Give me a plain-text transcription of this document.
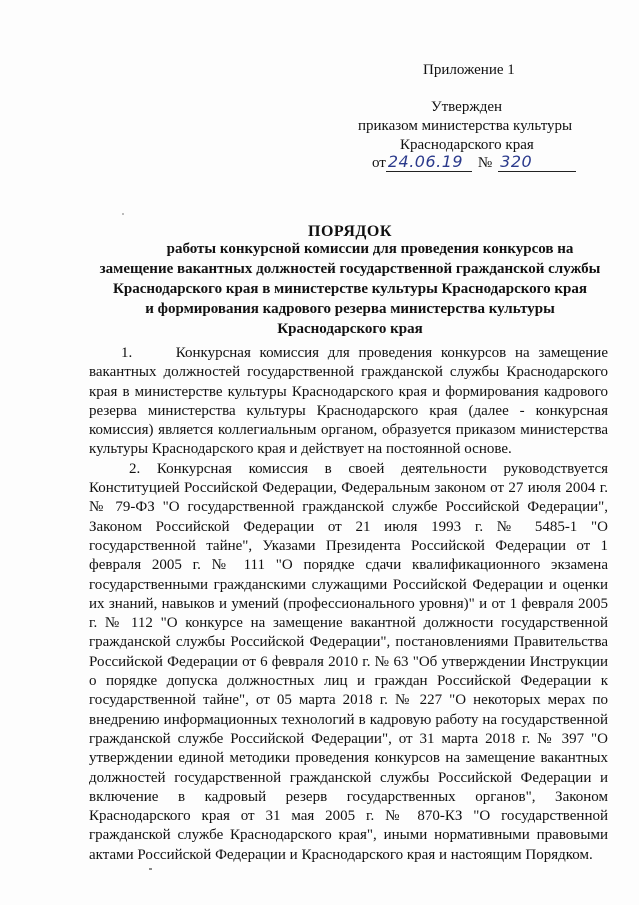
Приложение 1
Утвержден
приказом министерства культуры
Краснодарского края
от 24.06.19 № 320
ПОРЯДОК
работы конкурсной комиссии для проведения конкурсов на
замещение вакантных должностей государственной гражданской службы
Краснодарского края в министерстве культуры Краснодарского края
и формирования кадрового резерва министерства культуры
Краснодарского края

1.     Конкурсная комиссия для проведения конкурсов на замещение вакантных должностей государственной гражданской службы Краснодарского края в министерстве культуры Краснодарского края и формирования кадрового резерва министерства культуры Краснодарского края (далее - конкурсная комиссия) является коллегиальным органом, образуется приказом министерства культуры Краснодарского края и действует на постоянной основе.

2. Конкурсная комиссия в своей деятельности руководствуется Конституцией Российской Федерации, Федеральным законом от 27 июля 2004 г. № 79-ФЗ "О государственной гражданской службе Российской Федерации", Законом Российской Федерации от 21 июля 1993 г. № 5485-1 "О государственной тайне", Указами Президента Российской Федерации от 1 февраля 2005 г. № 111 "О порядке сдачи квалификационного экзамена государственными гражданскими служащими Российской Федерации и оценки их знаний, навыков и умений (профессионального уровня)" и от 1 февраля 2005 г. № 112 "О конкурсе на замещение вакантной должности государственной гражданской службы Российской Федерации", постановлениями Правительства Российской Федерации от 6 февраля 2010 г. № 63 "Об утверждении Инструкции о порядке допуска должностных лиц и граждан Российской Федерации к государственной тайне", от 05 марта 2018 г. № 227 "О некоторых мерах по внедрению информационных технологий в кадровую работу на государственной гражданской службе Российской Федерации", от 31 марта 2018 г. № 397 "О утверждении единой методики проведения конкурсов на замещение вакантных должностей государственной гражданской службы Российской Федерации и включение в кадровый резерв государственных органов", Законом Краснодарского края от 31 мая 2005 г. № 870-КЗ "О государственной гражданской службе Краснодарского края", иными нормативными правовыми актами Российской Федерации и Краснодарского края и настоящим Порядком.
